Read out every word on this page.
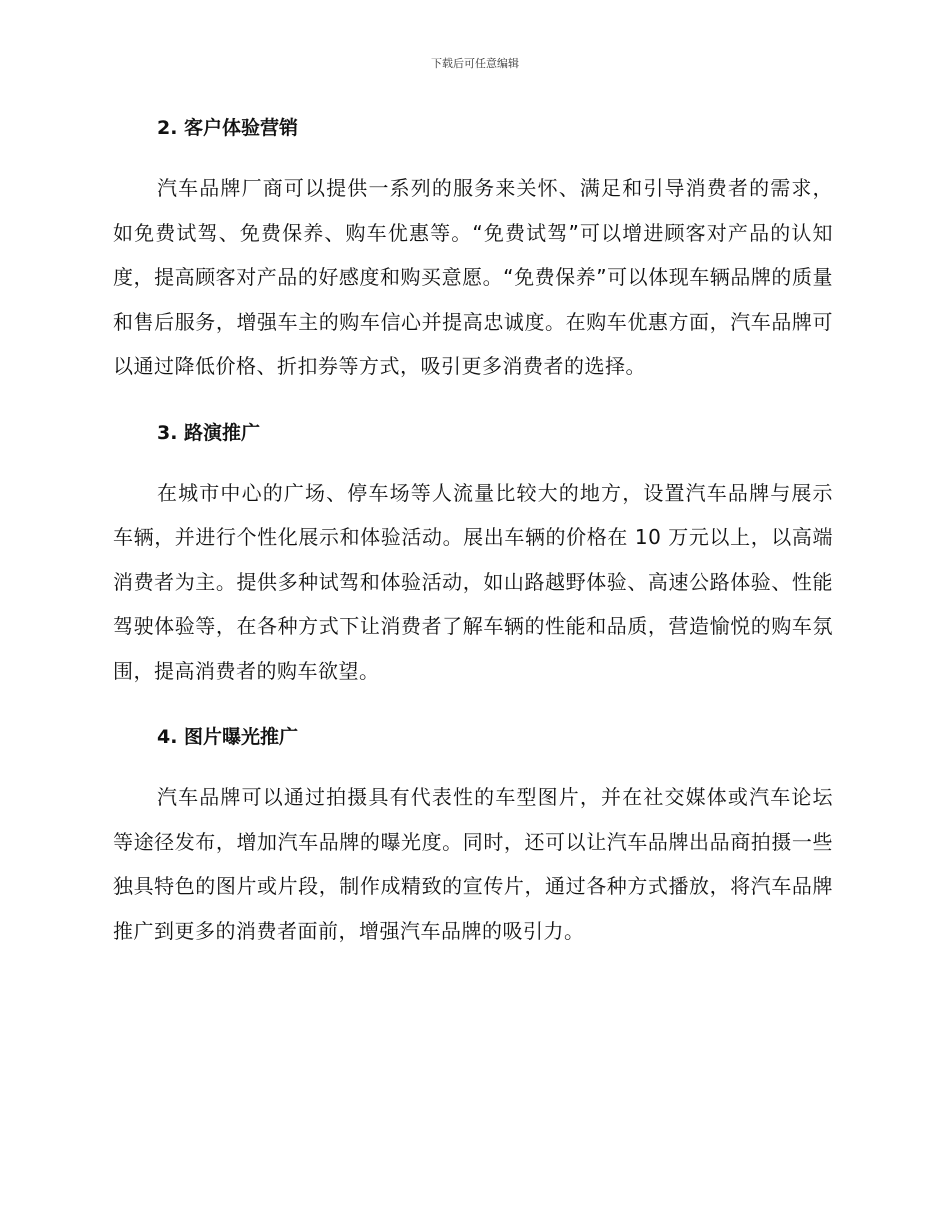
下载后可任意编辑
2. 客户体验营销

汽车品牌厂商可以提供一系列的服务来关怀、满足和引导消费者的需求，如免费试驾、免费保养、购车优惠等。“免费试驾”可以增进顾客对产品的认知度，提高顾客对产品的好感度和购买意愿。“免费保养”可以体现车辆品牌的质量和售后服务，增强车主的购车信心并提高忠诚度。在购车优惠方面，汽车品牌可以通过降低价格、折扣券等方式，吸引更多消费者的选择。

3. 路演推广

在城市中心的广场、停车场等人流量比较大的地方，设置汽车品牌与展示车辆，并进行个性化展示和体验活动。展出车辆的价格在 10 万元以上，以高端消费者为主。提供多种试驾和体验活动，如山路越野体验、高速公路体验、性能驾驶体验等，在各种方式下让消费者了解车辆的性能和品质，营造愉悦的购车氛围，提高消费者的购车欲望。

4. 图片曝光推广

汽车品牌可以通过拍摄具有代表性的车型图片，并在社交媒体或汽车论坛等途径发布，增加汽车品牌的曝光度。同时，还可以让汽车品牌出品商拍摄一些独具特色的图片或片段，制作成精致的宣传片，通过各种方式播放，将汽车品牌推广到更多的消费者面前，增强汽车品牌的吸引力。
